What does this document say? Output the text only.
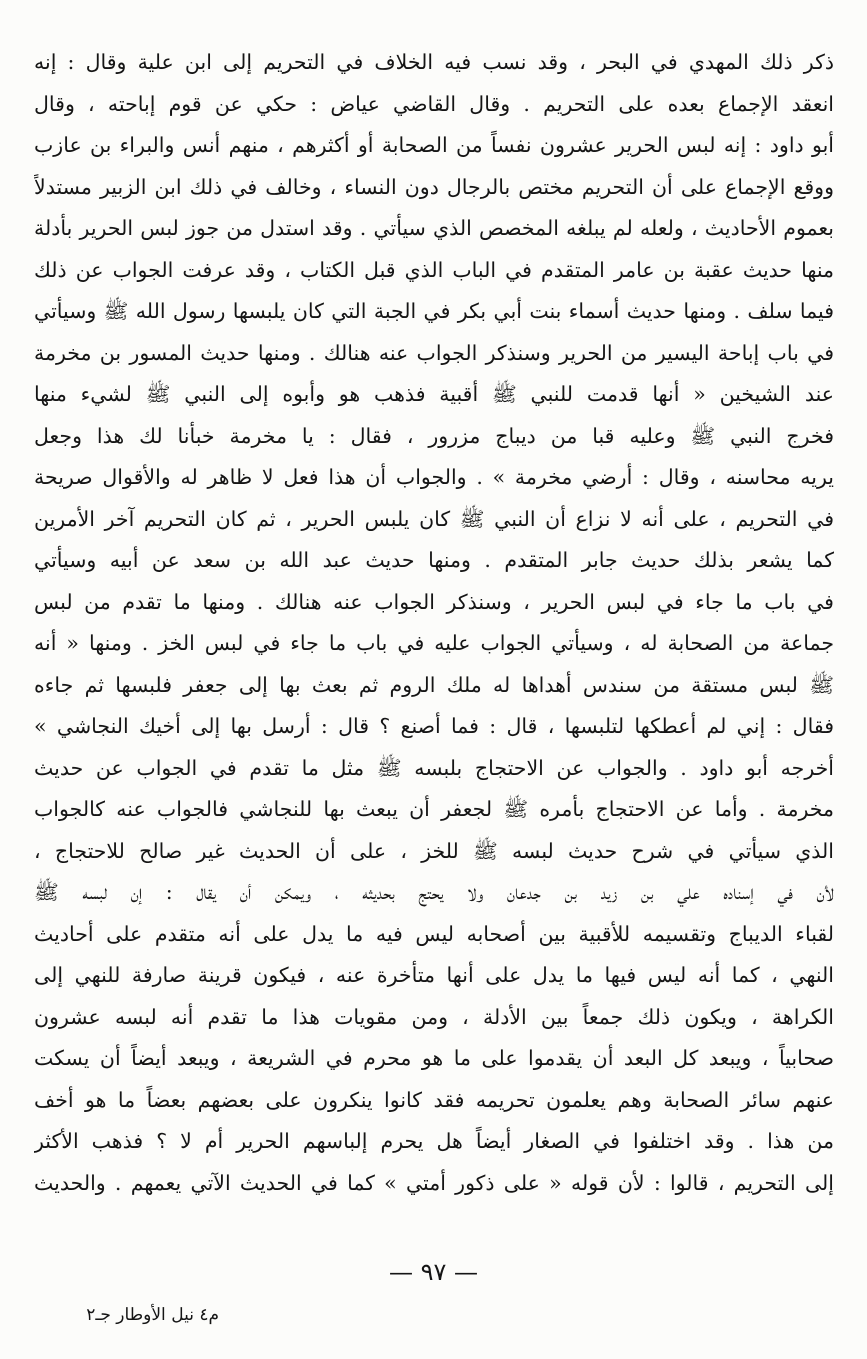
ذكر ذلك المهدي في البحر ، وقد نسب فيه الخلاف في التحريم إلى ابن علية وقال : إنه
انعقد الإجماع بعده على التحريم . وقال القاضي عياض : حكي عن قوم إباحته ، وقال
أبو داود : إنه لبس الحرير عشرون نفساً من الصحابة أو أكثرهم ، منهم أنس والبراء بن عازب
ووقع الإجماع على أن التحريم مختص بالرجال دون النساء ، وخالف في ذلك ابن الزبير مستدلاً
بعموم الأحاديث ، ولعله لم يبلغه المخصص الذي سيأتي . وقد استدل من جوز لبس الحرير بأدلة
منها حديث عقبة بن عامر المتقدم في الباب الذي قبل الكتاب ، وقد عرفت الجواب عن ذلك
فيما سلف . ومنها حديث أسماء بنت أبي بكر في الجبة التي كان يلبسها رسول الله ﷺ وسيأتي
في باب إباحة اليسير من الحرير وسنذكر الجواب عنه هنالك . ومنها حديث المسور بن مخرمة
عند الشيخين « أنها قدمت للنبي ﷺ أقبية فذهب هو وأبوه إلى النبي ﷺ لشيء منها
فخرج النبي ﷺ وعليه قبا من ديباج مزرور ، فقال : يا مخرمة خبأنا لك هذا وجعل
يريه محاسنه ، وقال : أرضي مخرمة » . والجواب أن هذا فعل لا ظاهر له والأقوال صريحة
في التحريم ، على أنه لا نزاع أن النبي ﷺ كان يلبس الحرير ، ثم كان التحريم آخر الأمرين
كما يشعر بذلك حديث جابر المتقدم . ومنها حديث عبد الله بن سعد عن أبيه وسيأتي
في باب ما جاء في لبس الحرير ، وسنذكر الجواب عنه هنالك . ومنها ما تقدم من لبس
جماعة من الصحابة له ، وسيأتي الجواب عليه في باب ما جاء في لبس الخز . ومنها « أنه
ﷺ لبس مستقة من سندس أهداها له ملك الروم ثم بعث بها إلى جعفر فلبسها ثم جاءه
فقال : إني لم أعطكها لتلبسها ، قال : فما أصنع ؟ قال : أرسل بها إلى أخيك النجاشي »
أخرجه أبو داود . والجواب عن الاحتجاج بلبسه ﷺ مثل ما تقدم في الجواب عن حديث
مخرمة . وأما عن الاحتجاج بأمره ﷺ لجعفر أن يبعث بها للنجاشي فالجواب عنه كالجواب
الذي سيأتي في شرح حديث لبسه ﷺ للخز ، على أن الحديث غير صالح للاحتجاج ،
لأن في إسناده علي بن زيد بن جدعان ولا يحتج بحديثه ، ويمكن أن يقال : إن لبسه ﷺ
لقباء الديباج وتقسيمه للأقبية بين أصحابه ليس فيه ما يدل على أنه متقدم على أحاديث
النهي ، كما أنه ليس فيها ما يدل على أنها متأخرة عنه ، فيكون قرينة صارفة للنهي إلى
الكراهة ، ويكون ذلك جمعاً بين الأدلة ، ومن مقويات هذا ما تقدم أنه لبسه عشرون
صحابياً ، ويبعد كل البعد أن يقدموا على ما هو محرم في الشريعة ، ويبعد أيضاً أن يسكت
عنهم سائر الصحابة وهم يعلمون تحريمه فقد كانوا ينكرون على بعضهم بعضاً ما هو أخف
من هذا . وقد اختلفوا في الصغار أيضاً هل يحرم إلباسهم الحرير أم لا ؟ فذهب الأكثر
إلى التحريم ، قالوا : لأن قوله « على ذكور أمتي » كما في الحديث الآتي يعمهم . والحديث
— ٩٧ —
م٤ نيل الأوطار جـ٢
